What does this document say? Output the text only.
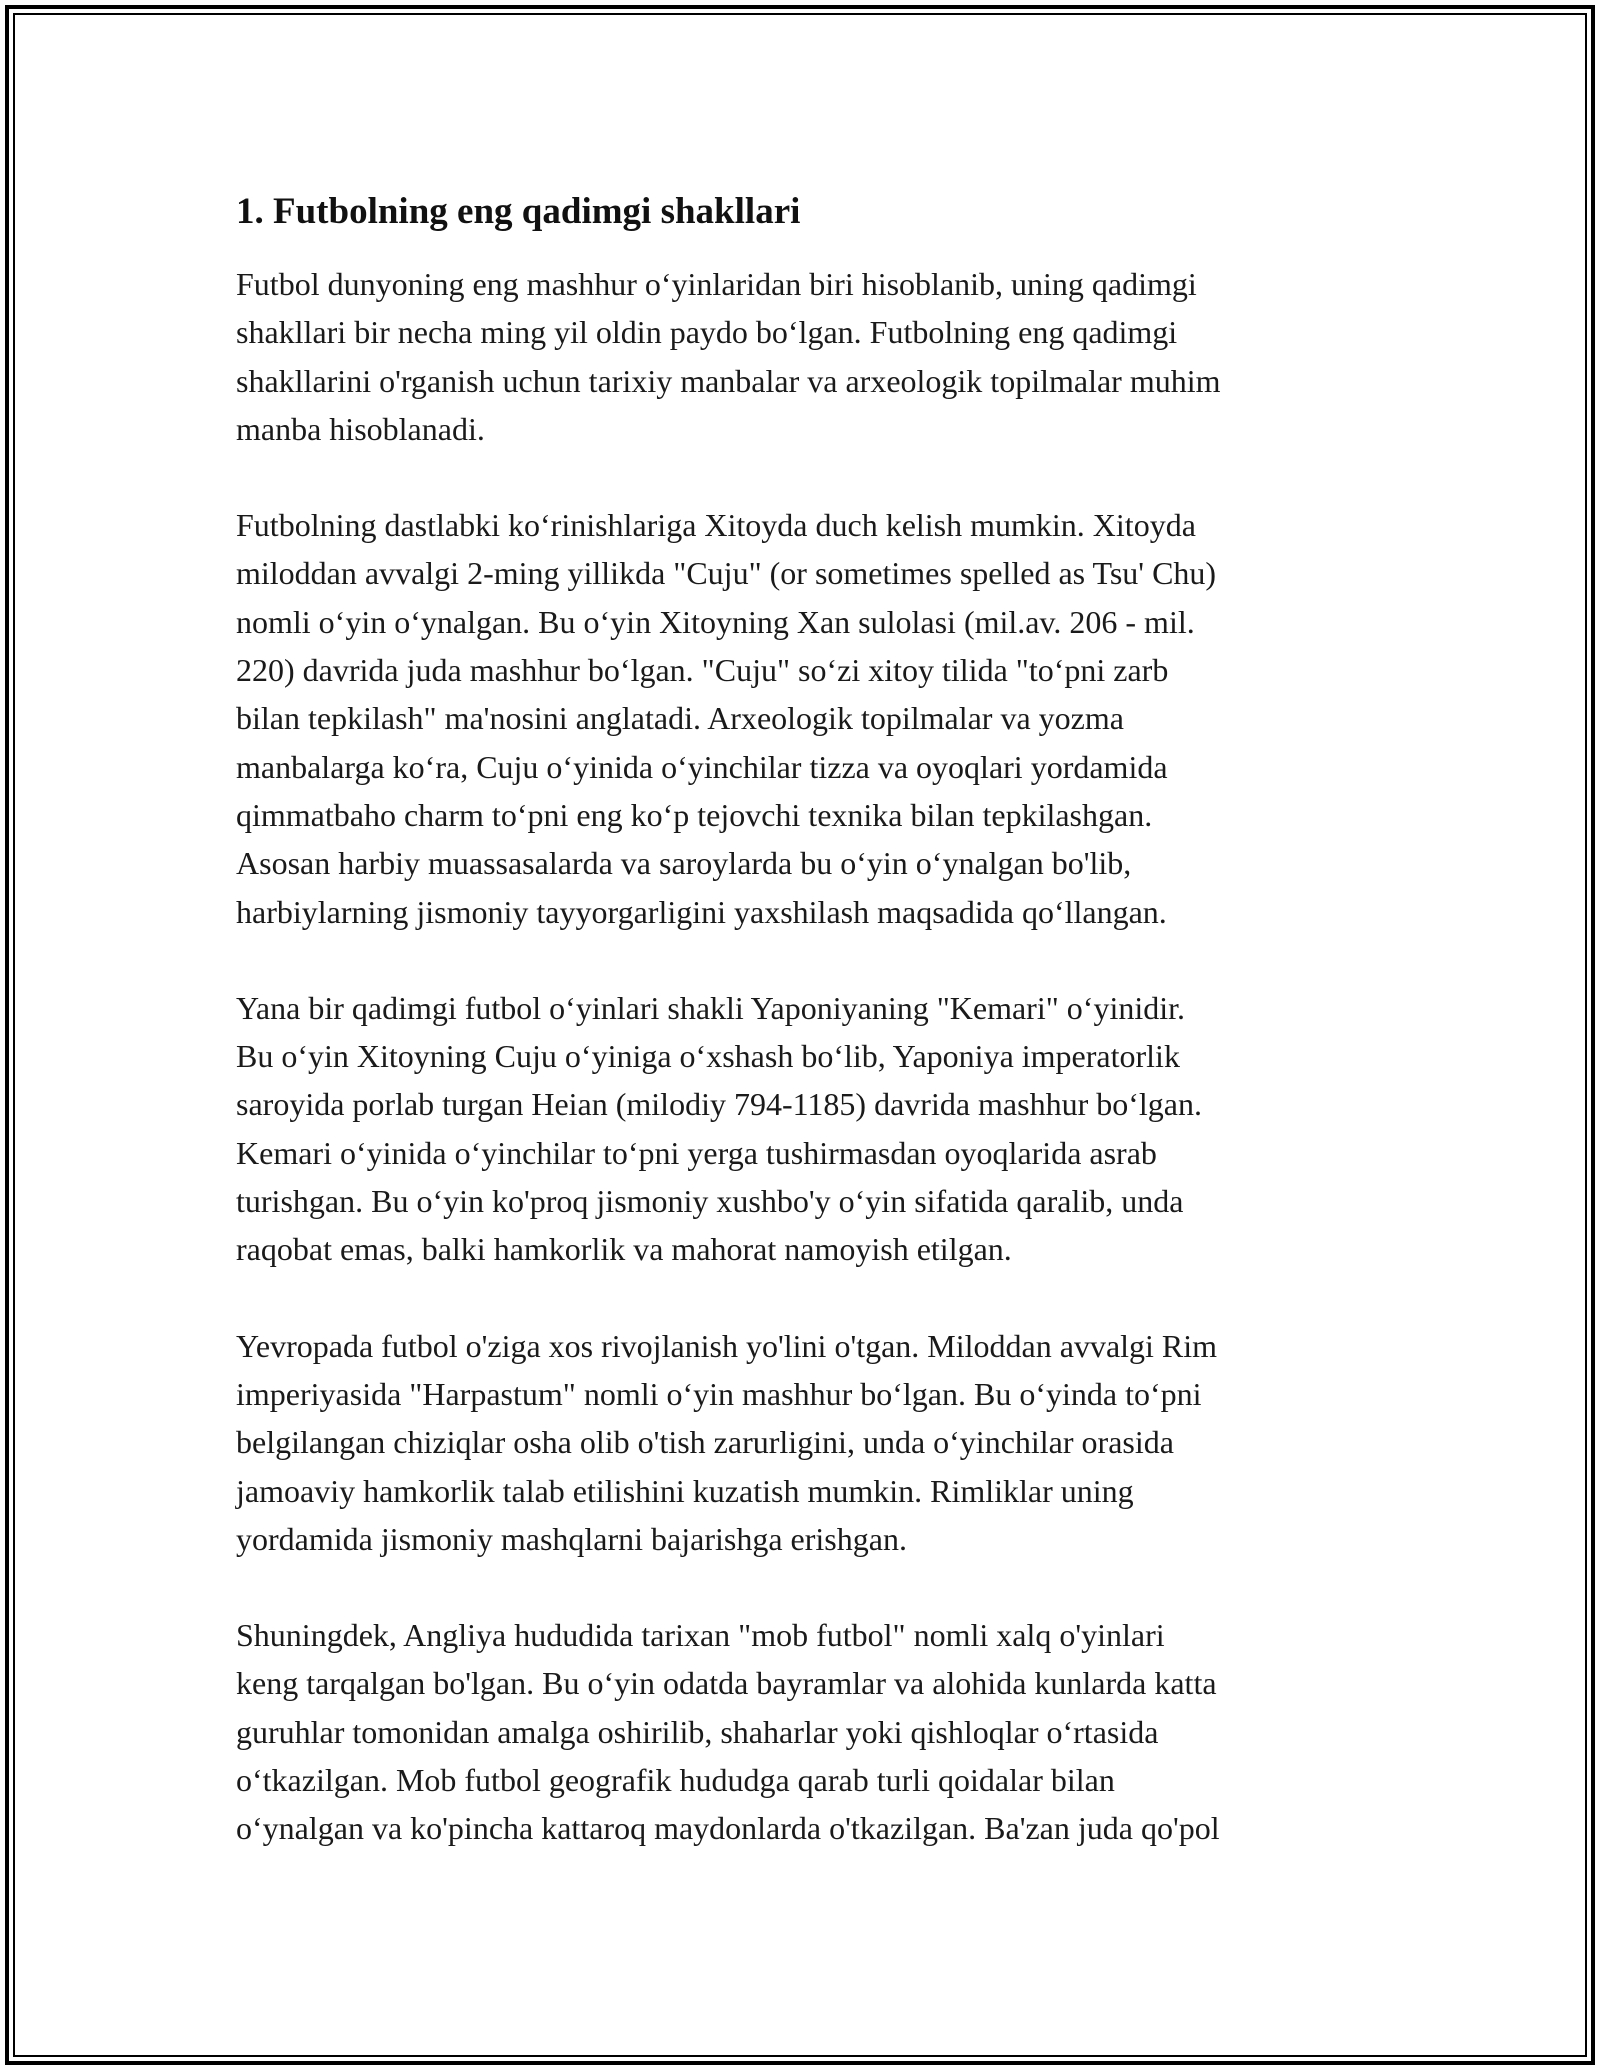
1. Futbolning eng qadimgi shakllari

Futbol dunyoning eng mashhur o‘yinlaridan biri hisoblanib, uning qadimgi
shakllari bir necha ming yil oldin paydo bo‘lgan. Futbolning eng qadimgi
shakllarini o'rganish uchun tarixiy manbalar va arxeologik topilmalar muhim
manba hisoblanadi.

Futbolning dastlabki ko‘rinishlariga Xitoyda duch kelish mumkin. Xitoyda
miloddan avvalgi 2-ming yillikda "Cuju" (or sometimes spelled as Tsu' Chu)
nomli o‘yin o‘ynalgan. Bu o‘yin Xitoyning Xan sulolasi (mil.av. 206 - mil.
220) davrida juda mashhur bo‘lgan. "Cuju" so‘zi xitoy tilida "to‘pni zarb
bilan tepkilash" ma'nosini anglatadi. Arxeologik topilmalar va yozma
manbalarga ko‘ra, Cuju o‘yinida o‘yinchilar tizza va oyoqlari yordamida
qimmatbaho charm to‘pni eng ko‘p tejovchi texnika bilan tepkilashgan.
Asosan harbiy muassasalarda va saroylarda bu o‘yin o‘ynalgan bo'lib,
harbiylarning jismoniy tayyorgarligini yaxshilash maqsadida qo‘llangan.

Yana bir qadimgi futbol o‘yinlari shakli Yaponiyaning "Kemari" o‘yinidir.
Bu o‘yin Xitoyning Cuju o‘yiniga o‘xshash bo‘lib, Yaponiya imperatorlik
saroyida porlab turgan Heian (milodiy 794-1185) davrida mashhur bo‘lgan.
Kemari o‘yinida o‘yinchilar to‘pni yerga tushirmasdan oyoqlarida asrab
turishgan. Bu o‘yin ko'proq jismoniy xushbo'y o‘yin sifatida qaralib, unda
raqobat emas, balki hamkorlik va mahorat namoyish etilgan.

Yevropada futbol o'ziga xos rivojlanish yo'lini o'tgan. Miloddan avvalgi Rim
imperiyasida "Harpastum" nomli o‘yin mashhur bo‘lgan. Bu o‘yinda to‘pni
belgilangan chiziqlar osha olib o'tish zarurligini, unda o‘yinchilar orasida
jamoaviy hamkorlik talab etilishini kuzatish mumkin. Rimliklar uning
yordamida jismoniy mashqlarni bajarishga erishgan.

Shuningdek, Angliya hududida tarixan "mob futbol" nomli xalq o'yinlari
keng tarqalgan bo'lgan. Bu o‘yin odatda bayramlar va alohida kunlarda katta
guruhlar tomonidan amalga oshirilib, shaharlar yoki qishloqlar o‘rtasida
o‘tkazilgan. Mob futbol geografik hududga qarab turli qoidalar bilan
o‘ynalgan va ko'pincha kattaroq maydonlarda o'tkazilgan. Ba'zan juda qo'pol
